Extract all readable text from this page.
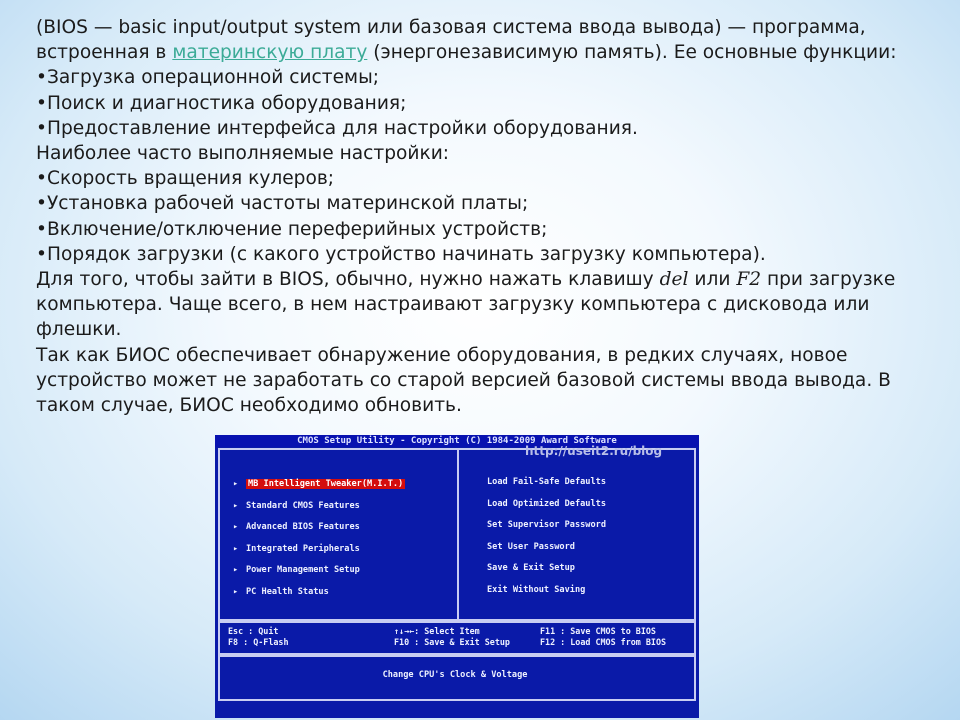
(BIOS — basic input/output system или базовая система ввода вывода) — программа, встроенная в материнскую плату (энергонезависимую память). Ее основные функции:

•Загрузка операционной системы;
•Поиск и диагностика оборудования;
•Предоставление интерфейса для настройки оборудования.

Наиболее часто выполняемые настройки:

•Скорость вращения кулеров;
•Установка рабочей частоты материнской платы;
•Включение/отключение переферийных устройств;
•Порядок загрузки (с какого устройство начинать загрузку компьютера).

Для того, чтобы зайти в BIOS, обычно, нужно нажать клавишу del или F2 при загрузке компьютера. Чаще всего, в нем настраивают загрузку компьютера с дисковода или флешки.

Так как БИОС обеспечивает обнаружение оборудования, в редких случаях, новое устройство может не заработать со старой версией базовой системы ввода вывода. В таком случае, БИОС необходимо обновить.

CMOS Setup Utility - Copyright (C) 1984-2009 Award Software
▸ MB Intelligent Tweaker(M.I.T.)
▸ Standard CMOS Features
▸ Advanced BIOS Features
▸ Integrated Peripherals
▸ Power Management Setup
▸ PC Health Status
Load Fail-Safe Defaults
Load Optimized Defaults
Set Supervisor Password
Set User Password
Save & Exit Setup
Exit Without Saving
Esc : Quit
F8 : Q-Flash
↑↓→←: Select Item
F10 : Save & Exit Setup
F11 : Save CMOS to BIOS
F12 : Load CMOS from BIOS
Change CPU's Clock & Voltage
http://useit2.ru/blog
